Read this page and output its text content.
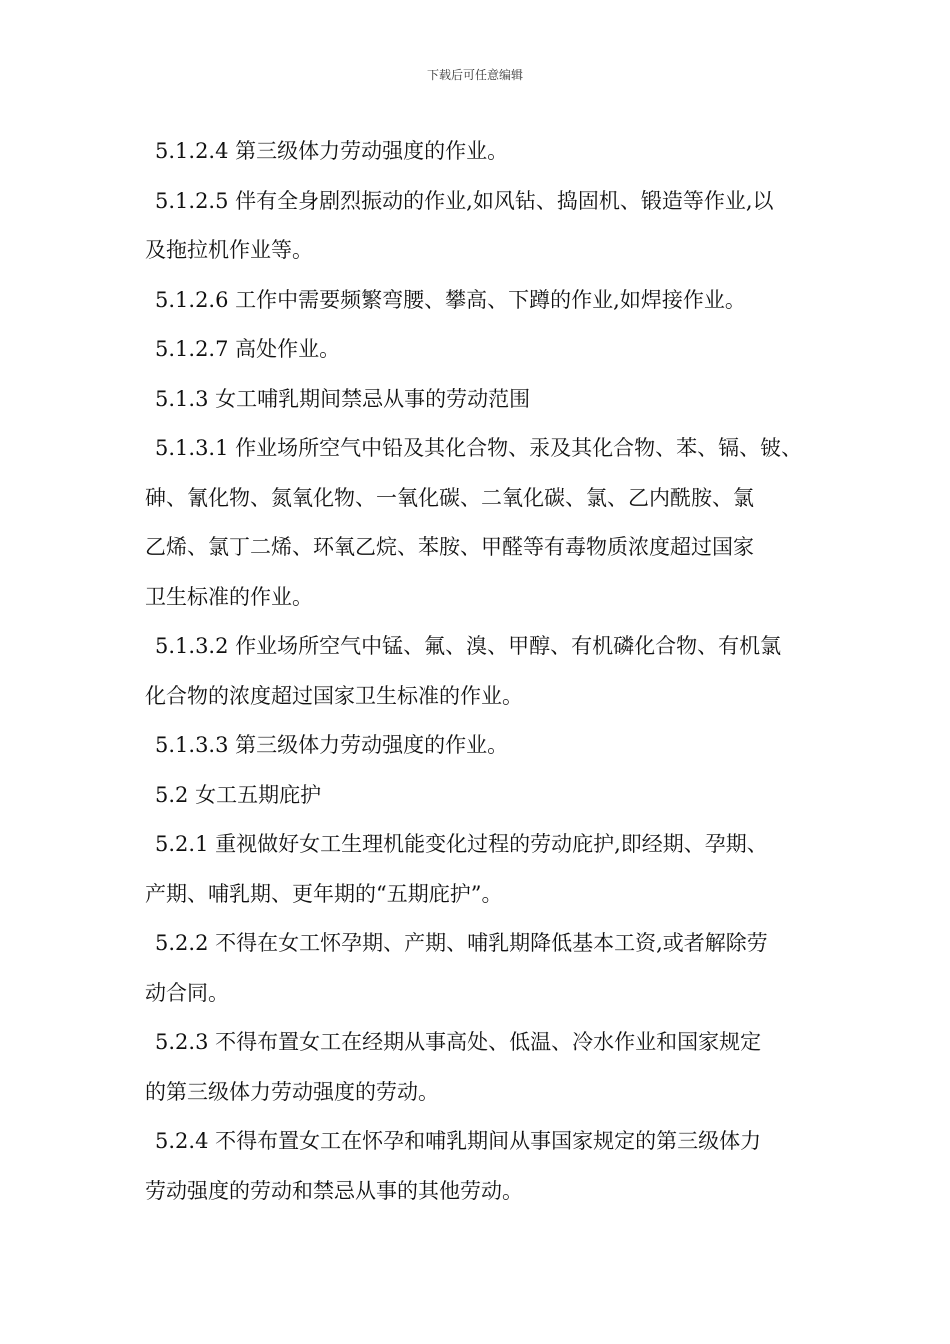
下载后可任意编辑

5.1.2.4 第三级体力劳动强度的作业。

5.1.2.5 伴有全身剧烈振动的作业,如风钻、捣固机、锻造等作业,以

及拖拉机作业等。

5.1.2.6 工作中需要频繁弯腰、攀高、下蹲的作业,如焊接作业。

5.1.2.7 高处作业。

5.1.3 女工哺乳期间禁忌从事的劳动范围

5.1.3.1 作业场所空气中铅及其化合物、汞及其化合物、苯、镉、铍、

砷、氰化物、氮氧化物、一氧化碳、二氧化碳、氯、乙内酰胺、氯

乙烯、氯丁二烯、环氧乙烷、苯胺、甲醛等有毒物质浓度超过国家

卫生标准的作业。

5.1.3.2 作业场所空气中锰、氟、溴、甲醇、有机磷化合物、有机氯

化合物的浓度超过国家卫生标准的作业。

5.1.3.3 第三级体力劳动强度的作业。

5.2 女工五期庇护

5.2.1 重视做好女工生理机能变化过程的劳动庇护,即经期、孕期、

产期、哺乳期、更年期的“五期庇护”。

5.2.2 不得在女工怀孕期、产期、哺乳期降低基本工资,或者解除劳

动合同。

5.2.3 不得布置女工在经期从事高处、低温、冷水作业和国家规定

的第三级体力劳动强度的劳动。

5.2.4 不得布置女工在怀孕和哺乳期间从事国家规定的第三级体力

劳动强度的劳动和禁忌从事的其他劳动。
